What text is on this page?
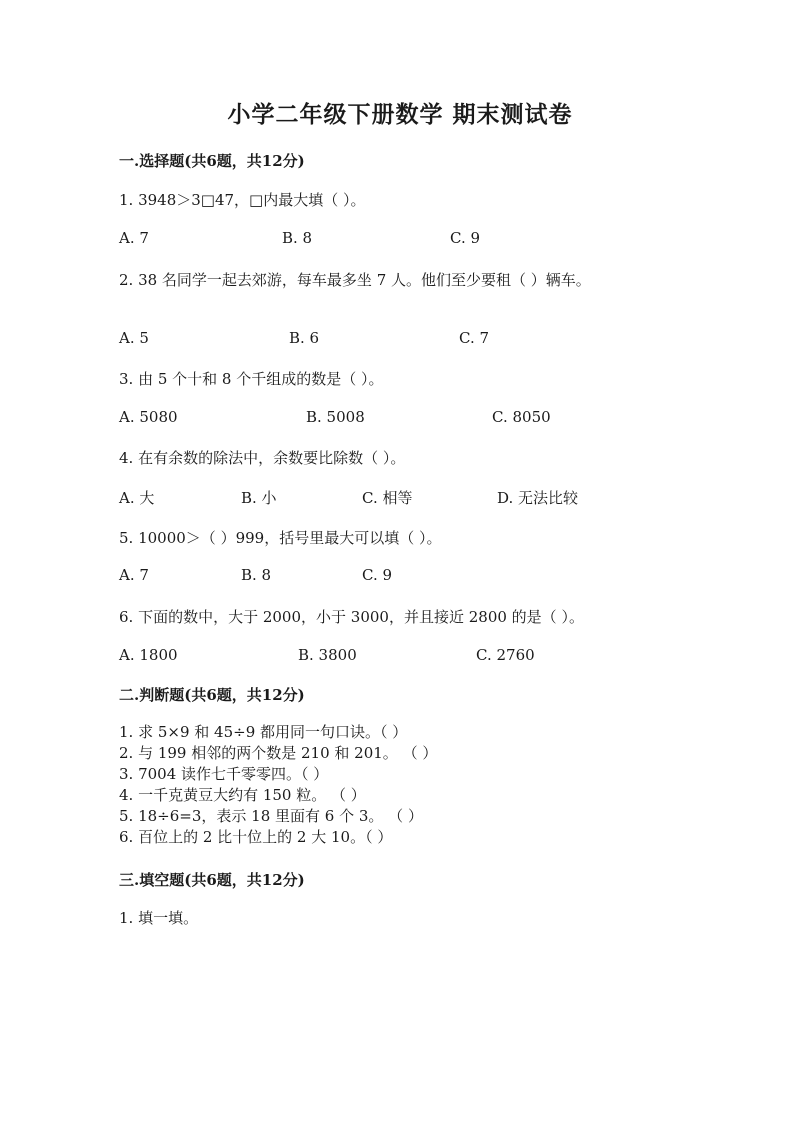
小学二年级下册数学 期末测试卷
一.选择题(共6题，共12分)
1. 3948＞3□47，□内最大填（ ）。
A. 7	B. 8	C. 9
2. 38 名同学一起去郊游，每车最多坐 7 人。他们至少要租（ ）辆车。
A. 5	B. 6	C. 7
3. 由 5 个十和 8 个千组成的数是（ ）。
A. 5080	B. 5008	C. 8050
4. 在有余数的除法中，余数要比除数（ ）。
A. 大	B. 小	C. 相等	D. 无法比较
5. 10000＞（ ）999，括号里最大可以填（ ）。
A. 7	B. 8	C. 9
6. 下面的数中，大于 2000，小于 3000，并且接近 2800 的是（ ）。
A. 1800	B. 3800	C. 2760
二.判断题(共6题，共12分)
1. 求 5×9 和 45÷9 都用同一句口诀。（ ）
2. 与 199 相邻的两个数是 210 和 201。 （ ）
3. 7004 读作七千零零四。（ ）
4. 一千克黄豆大约有 150 粒。 （ ）
5. 18÷6=3，表示 18 里面有 6 个 3。 （ ）
6. 百位上的 2 比十位上的 2 大 10。（ ）
三.填空题(共6题，共12分)
1. 填一填。
